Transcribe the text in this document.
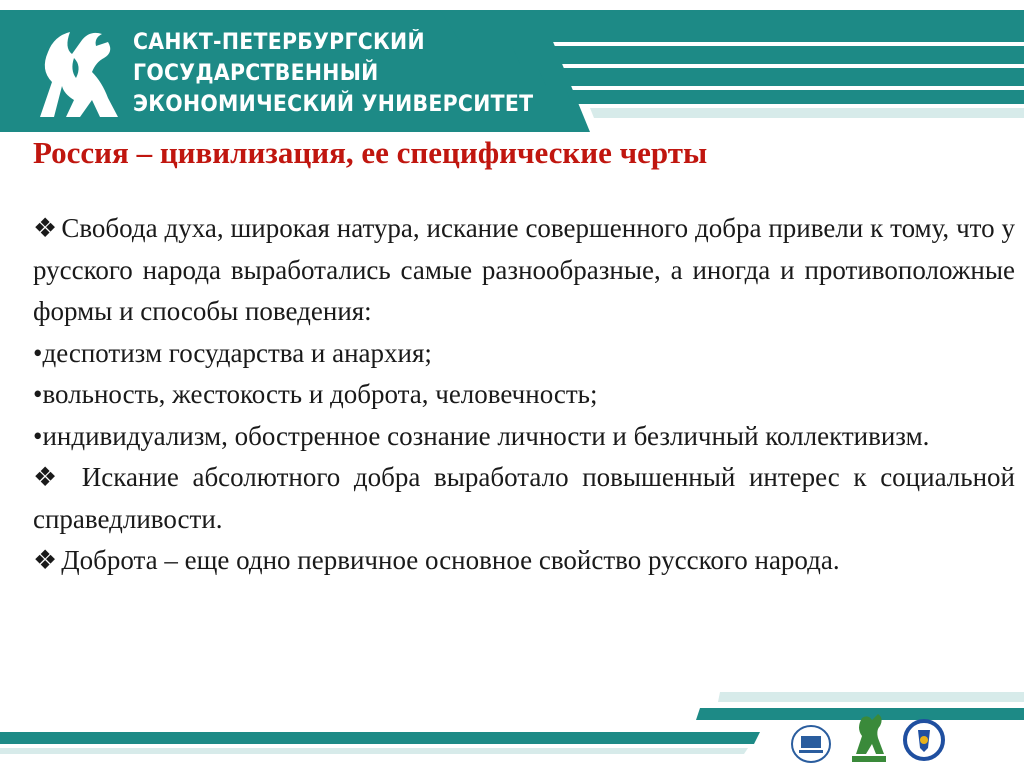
САНКТ-ПЕТЕРБУРГСКИЙ
ГОСУДАРСТВЕННЫЙ
ЭКОНОМИЧЕСКИЙ УНИВЕРСИТЕТ
Россия – цивилизация, ее специфические черты

❖ Свобода духа, широкая натура, искание совершенного добра привели к тому, что у русского народа выработались самые разнообразные, а иногда и противоположные формы и способы поведения:

•деспотизм государства и анархия;

•вольность, жестокость и доброта, человечность;

•индивидуализм, обостренное сознание личности и безличный коллективизм.

❖ Искание абсолютного добра выработало повышенный интерес к социальной справедливости.

❖ Доброта – еще одно первичное основное свойство русского народа.
